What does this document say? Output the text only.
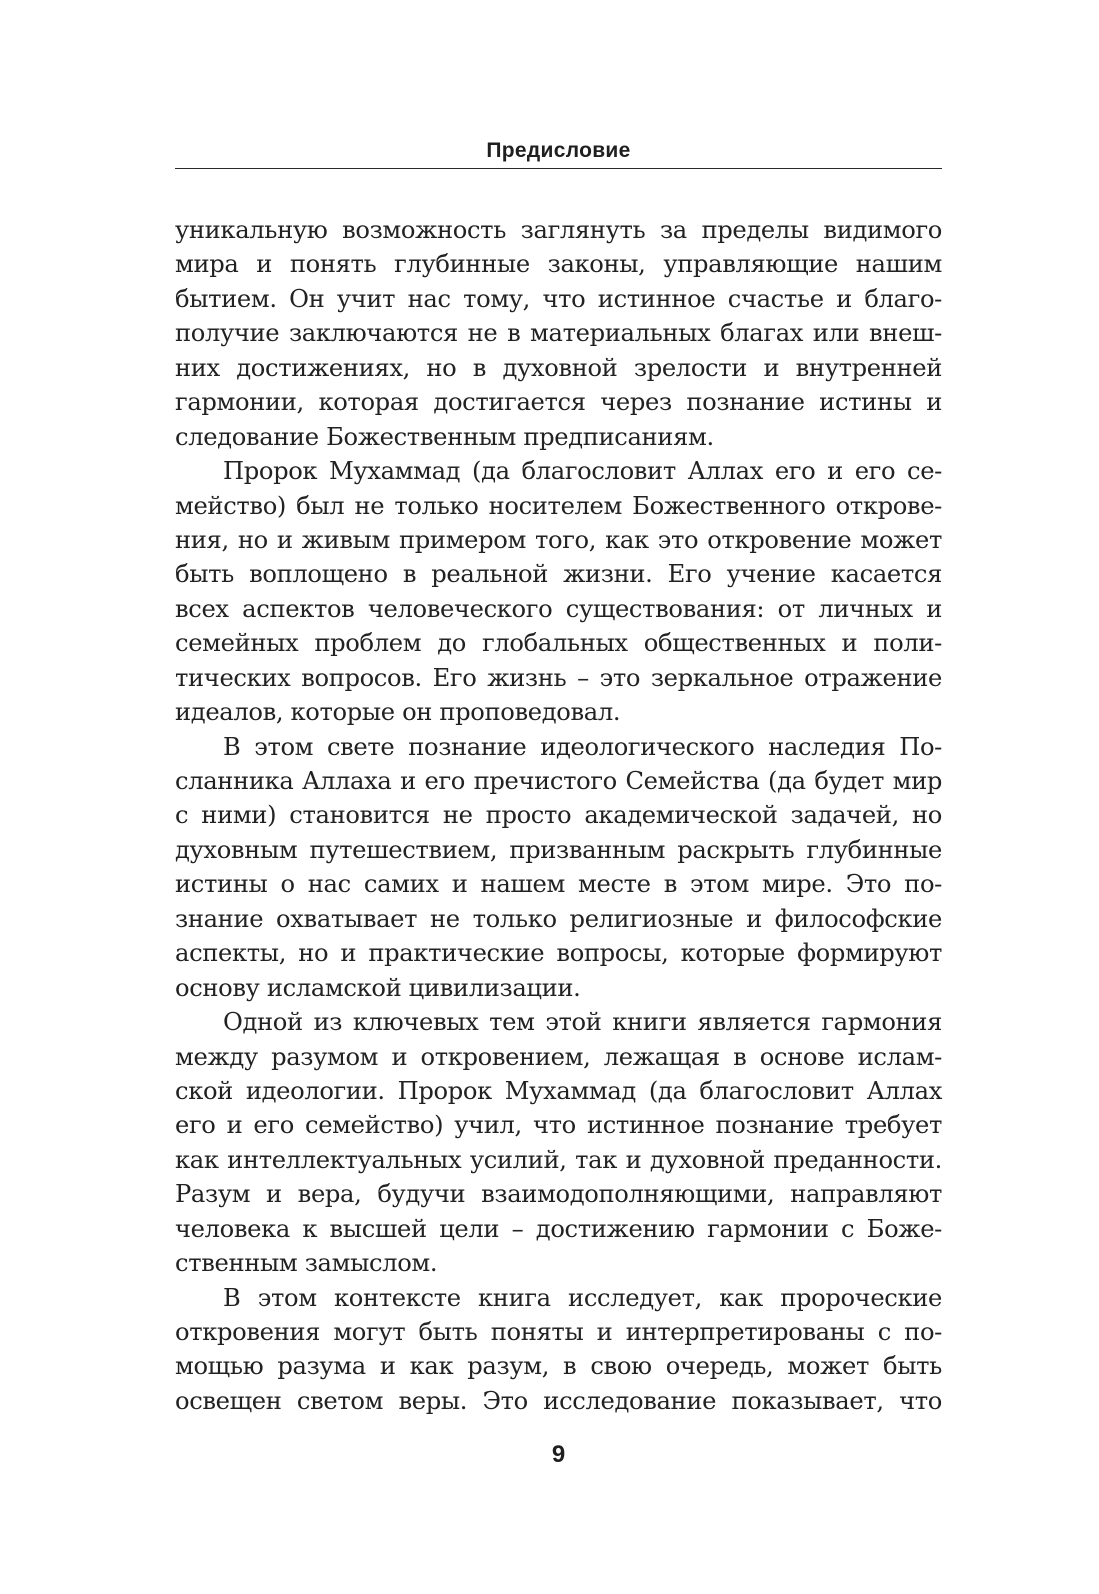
Предисловие
уникальную возможность заглянуть за пределы видимого
мира и понять глубинные законы, управляющие нашим
бытием. Он учит нас тому, что истинное счастье и благо-
получие заключаются не в материальных благах или внеш-
них достижениях, но в духовной зрелости и внутренней
гармонии, которая достигается через познание истины и
следование Божественным предписаниям.
Пророк Мухаммад (да благословит Аллах его и его се-
мейство) был не только носителем Божественного открове-
ния, но и живым примером того, как это откровение может
быть воплощено в реальной жизни. Его учение касается
всех аспектов человеческого существования: от личных и
семейных проблем до глобальных общественных и поли-
тических вопросов. Его жизнь – это зеркальное отражение
идеалов, которые он проповедовал.
В этом свете познание идеологического наследия По-
сланника Аллаха и его пречистого Семейства (да будет мир
с ними) становится не просто академической задачей, но
духовным путешествием, призванным раскрыть глубинные
истины о нас самих и нашем месте в этом мире. Это по-
знание охватывает не только религиозные и философские
аспекты, но и практические вопросы, которые формируют
основу исламской цивилизации.
Одной из ключевых тем этой книги является гармония
между разумом и откровением, лежащая в основе ислам-
ской идеологии. Пророк Мухаммад (да благословит Аллах
его и его семейство) учил, что истинное познание требует
как интеллектуальных усилий, так и духовной преданности.
Разум и вера, будучи взаимодополняющими, направляют
человека к высшей цели – достижению гармонии с Боже-
ственным замыслом.
В этом контексте книга исследует, как пророческие
откровения могут быть поняты и интерпретированы с по-
мощью разума и как разум, в свою очередь, может быть
освещен светом веры. Это исследование показывает, что
9
